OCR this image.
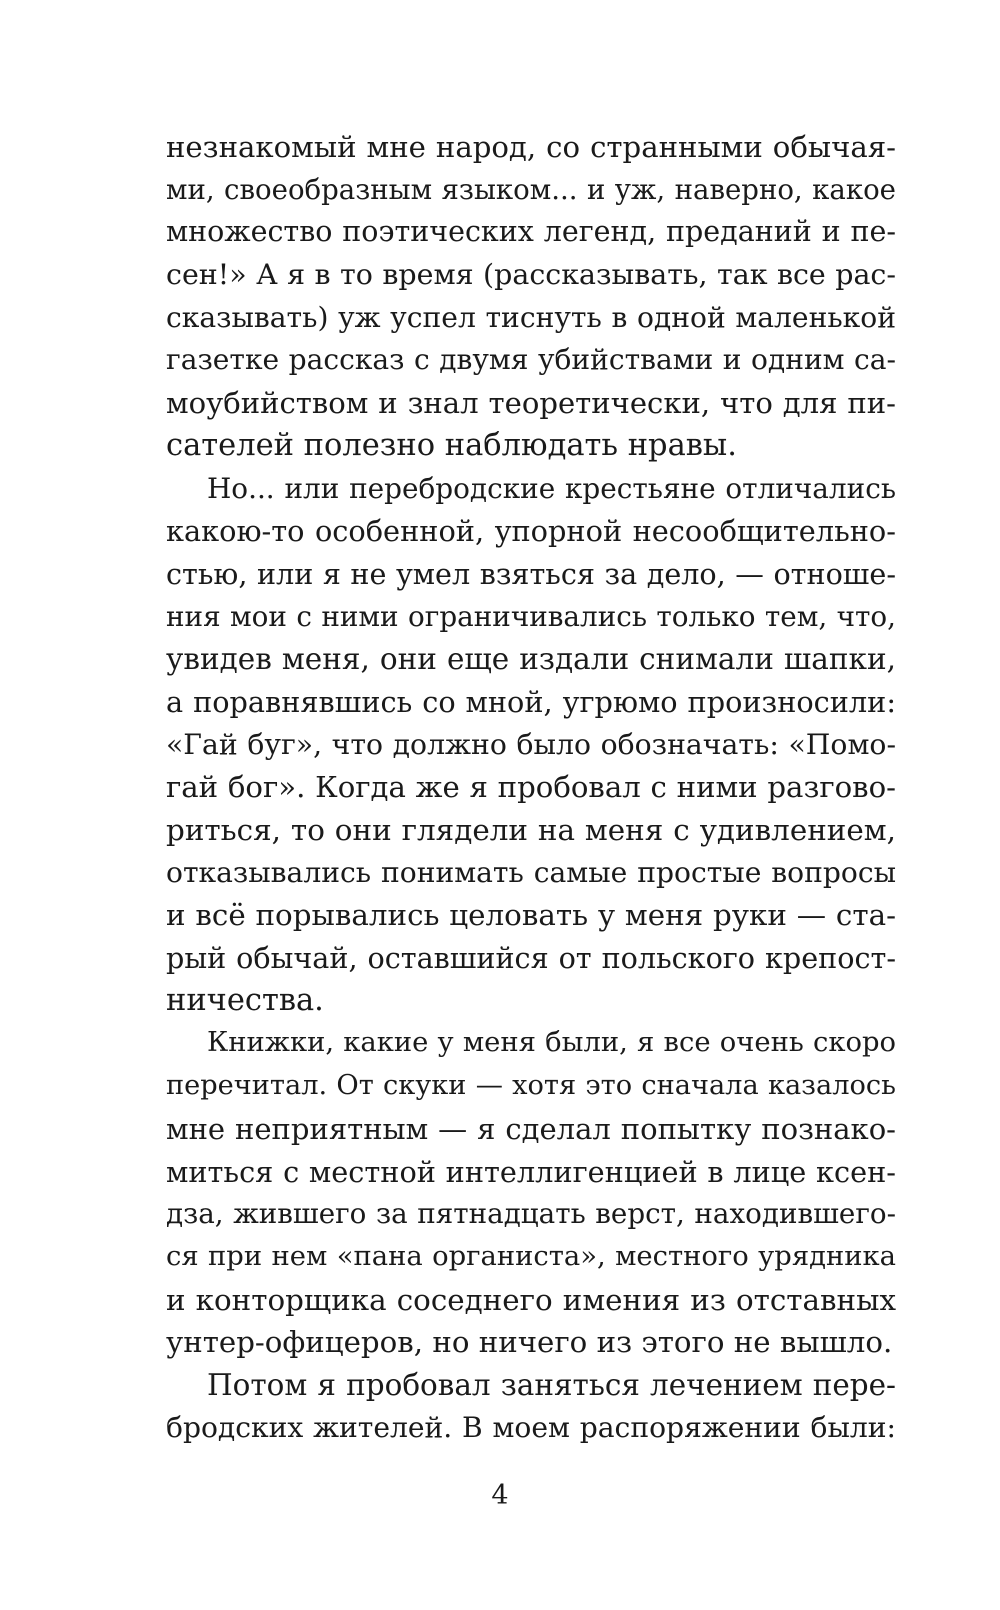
незнакомый мне народ, со странными обычая-
ми, своеобразным языком... и уж, наверно, какое
множество поэтических легенд, преданий и пе-
сен!» А я в то время (рассказывать, так все рас-
сказывать) уж успел тиснуть в одной маленькой
газетке рассказ с двумя убийствами и одним са-
моубийством и знал теоретически, что для пи-
сателей полезно наблюдать нравы.
Но... или перебродские крестьяне отличались
какою-то особенной, упорной несообщительно-
стью, или я не умел взяться за дело, — отноше-
ния мои с ними ограничивались только тем, что,
увидев меня, они еще издали снимали шапки,
а поравнявшись со мной, угрюмо произносили:
«Гай буг», что должно было обозначать: «Помо-
гай бог». Когда же я пробовал с ними разгово-
риться, то они глядели на меня с удивлением,
отказывались понимать самые простые вопросы
и всё порывались целовать у меня руки — ста-
рый обычай, оставшийся от польского крепост-
ничества.
Книжки, какие у меня были, я все очень скоро
перечитал. От скуки — хотя это сначала казалось
мне неприятным — я сделал попытку познако-
миться с местной интеллигенцией в лице ксен-
дза, жившего за пятнадцать верст, находившего-
ся при нем «пана органиста», местного урядника
и конторщика соседнего имения из отставных
унтер-офицеров, но ничего из этого не вышло.
Потом я пробовал заняться лечением пере-
бродских жителей. В моем распоряжении были:
4
